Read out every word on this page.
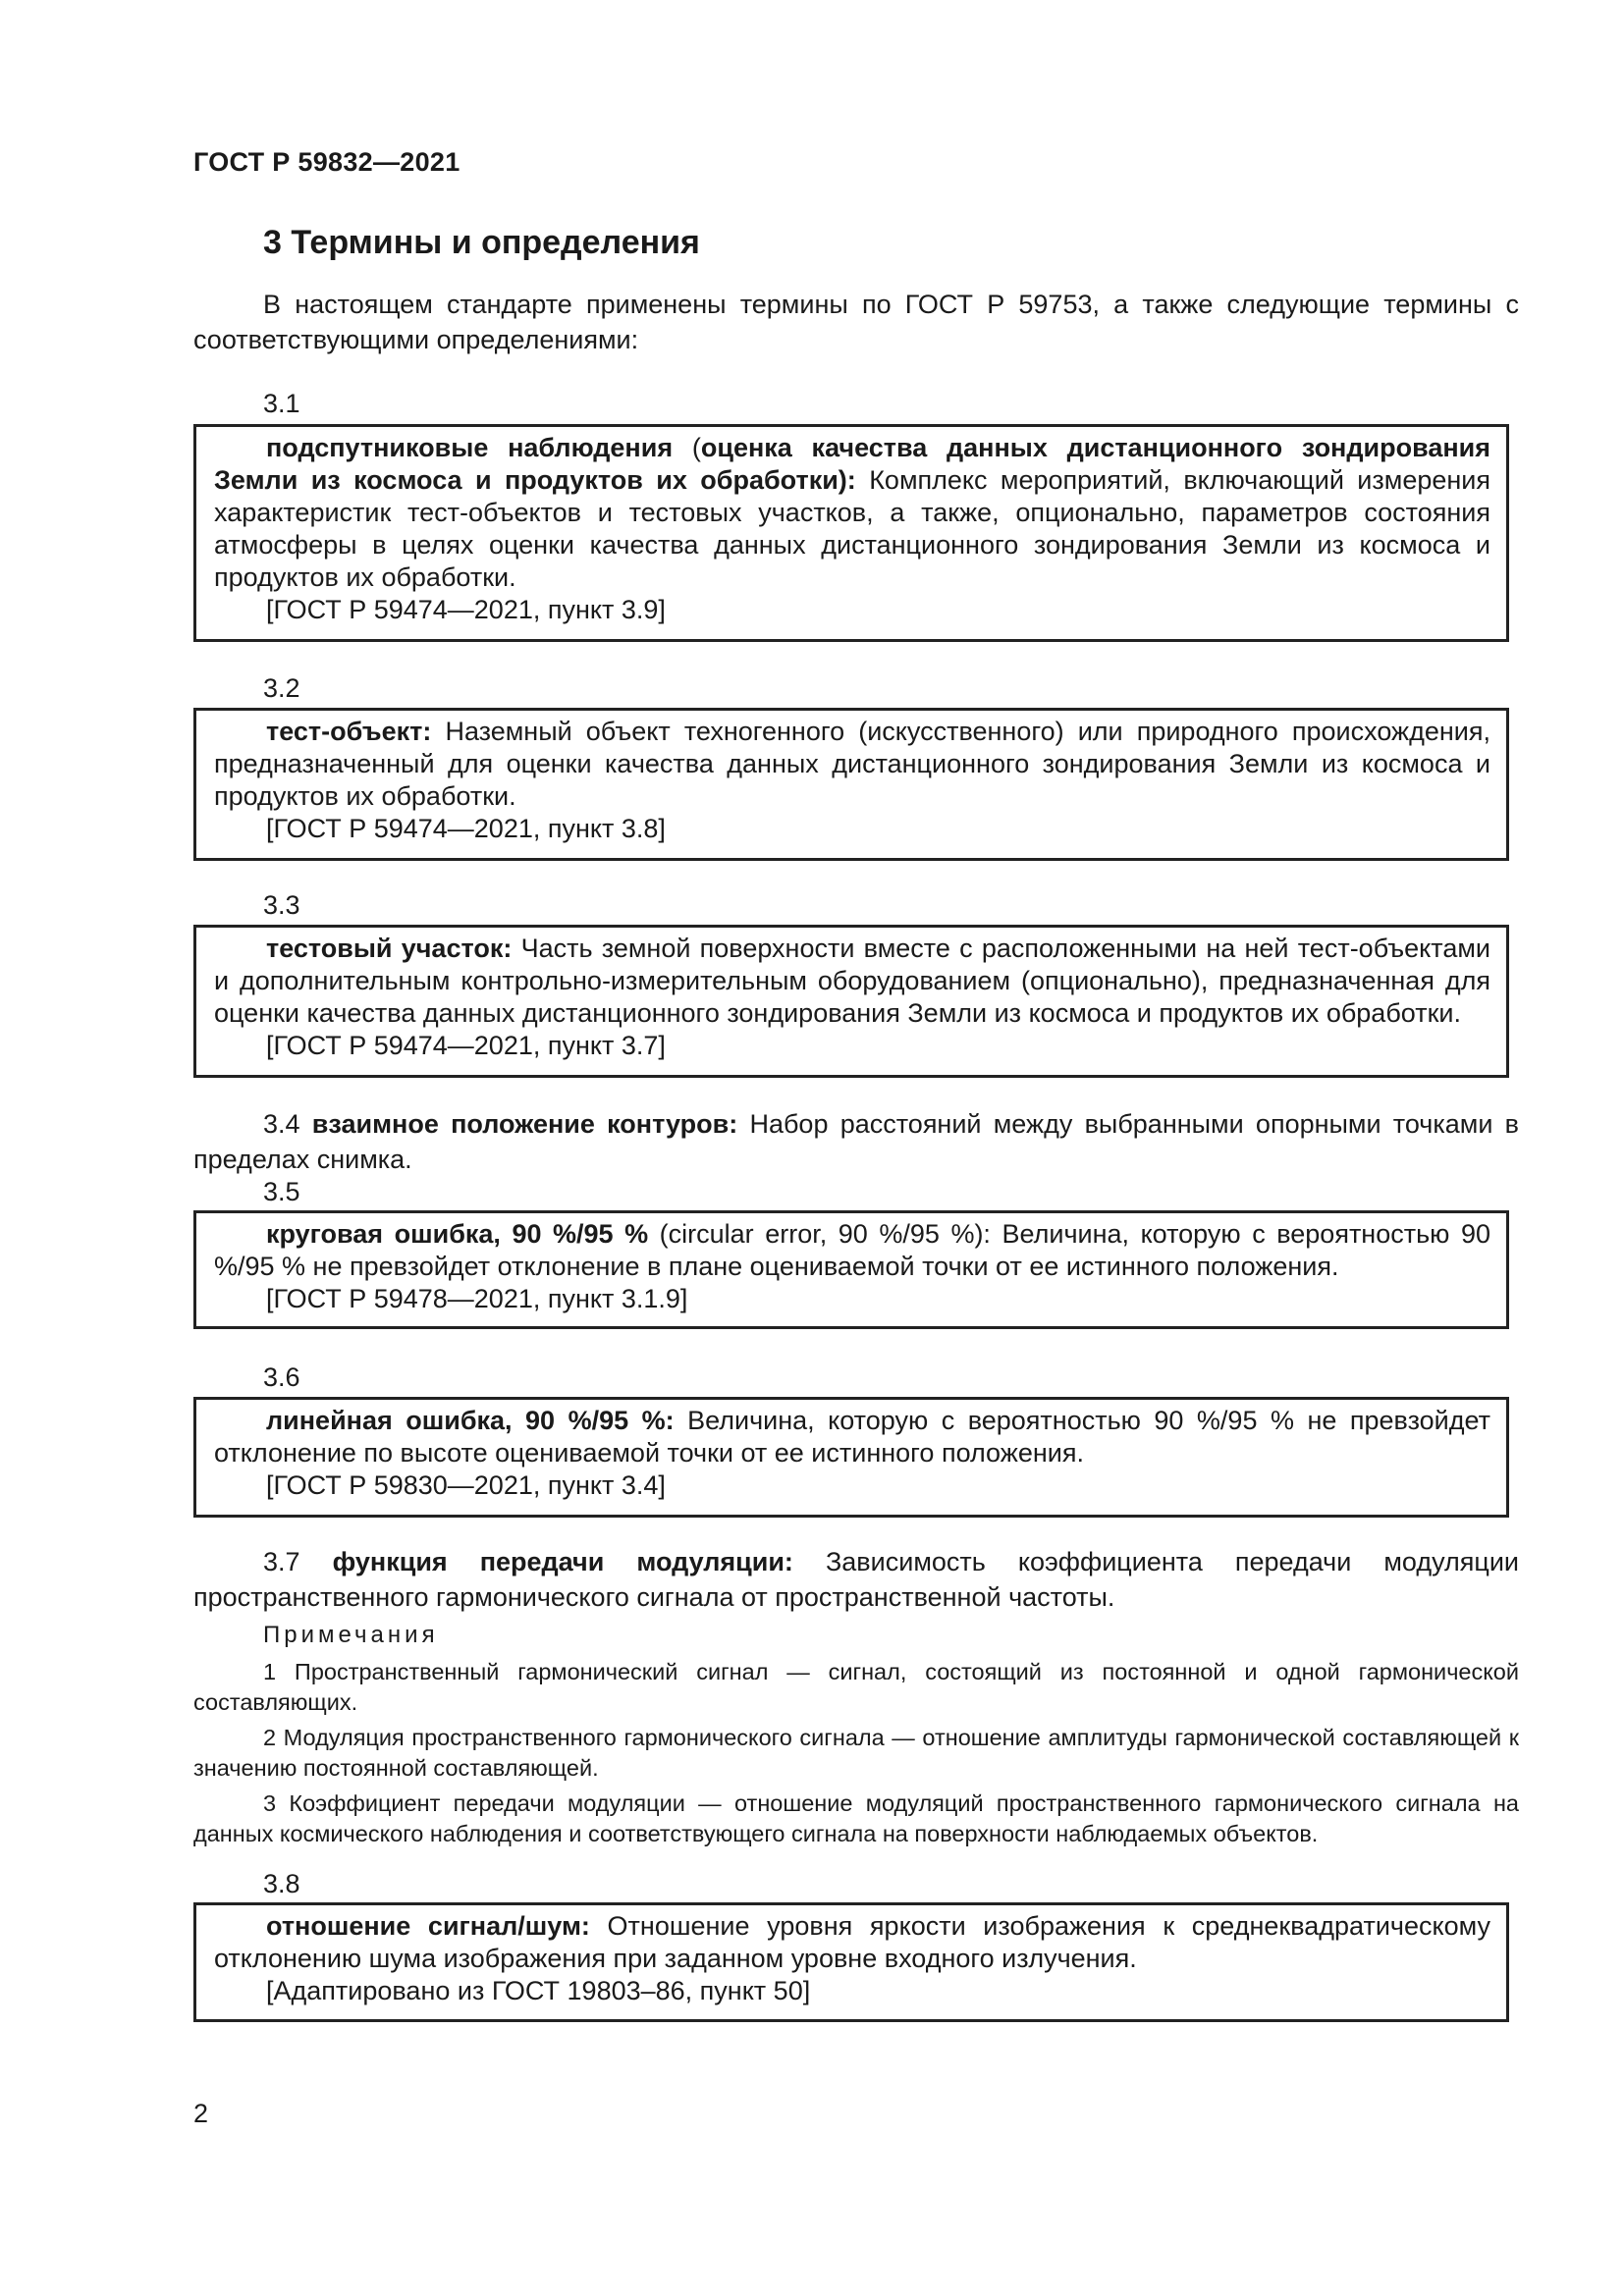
ГОСТ Р 59832—2021
3 Термины и определения

В настоящем стандарте применены термины по ГОСТ Р 59753, а также следующие термины с соответствующими определениями:

3.1

подспутниковые наблюдения (оценка качества данных дистанционного зондирования Земли из космоса и продуктов их обработки): Комплекс мероприятий, включающий измерения характеристик тест-объектов и тестовых участков, а также, опционально, параметров состояния атмосферы в целях оценки качества данных дистанционного зондирования Земли из космоса и продуктов их обработки.

[ГОСТ Р 59474—2021, пункт 3.9]

3.2

тест-объект: Наземный объект техногенного (искусственного) или природного происхождения, предназначенный для оценки качества данных дистанционного зондирования Земли из космоса и продуктов их обработки.

[ГОСТ Р 59474—2021, пункт 3.8]

3.3

тестовый участок: Часть земной поверхности вместе с расположенными на ней тест-объектами и дополнительным контрольно-измерительным оборудованием (опционально), предназначенная для оценки качества данных дистанционного зондирования Земли из космоса и продуктов их обработки.

[ГОСТ Р 59474—2021, пункт 3.7]

3.4 взаимное положение контуров: Набор расстояний между выбранными опорными точками в пределах снимка.

3.5

круговая ошибка, 90 %/95 % (circular error, 90 %/95 %): Величина, которую с вероятностью 90 %/95 % не превзойдет отклонение в плане оцениваемой точки от ее истинного положения.

[ГОСТ Р 59478—2021, пункт 3.1.9]

3.6

линейная ошибка, 90 %/95 %: Величина, которую с вероятностью 90 %/95 % не превзойдет отклонение по высоте оцениваемой точки от ее истинного положения.

[ГОСТ Р 59830—2021, пункт 3.4]

3.7 функция передачи модуляции: Зависимость коэффициента передачи модуляции пространственного гармонического сигнала от пространственной частоты.

Примечания

1 Пространственный гармонический сигнал — сигнал, состоящий из постоянной и одной гармонической составляющих.

2 Модуляция пространственного гармонического сигнала — отношение амплитуды гармонической составляющей к значению постоянной составляющей.

3 Коэффициент передачи модуляции — отношение модуляций пространственного гармонического сигнала на данных космического наблюдения и соответствующего сигнала на поверхности наблюдаемых объектов.

3.8

отношение сигнал/шум: Отношение уровня яркости изображения к среднеквадратическому отклонению шума изображения при заданном уровне входного излучения.

[Адаптировано из ГОСТ 19803–86, пункт 50]

2
